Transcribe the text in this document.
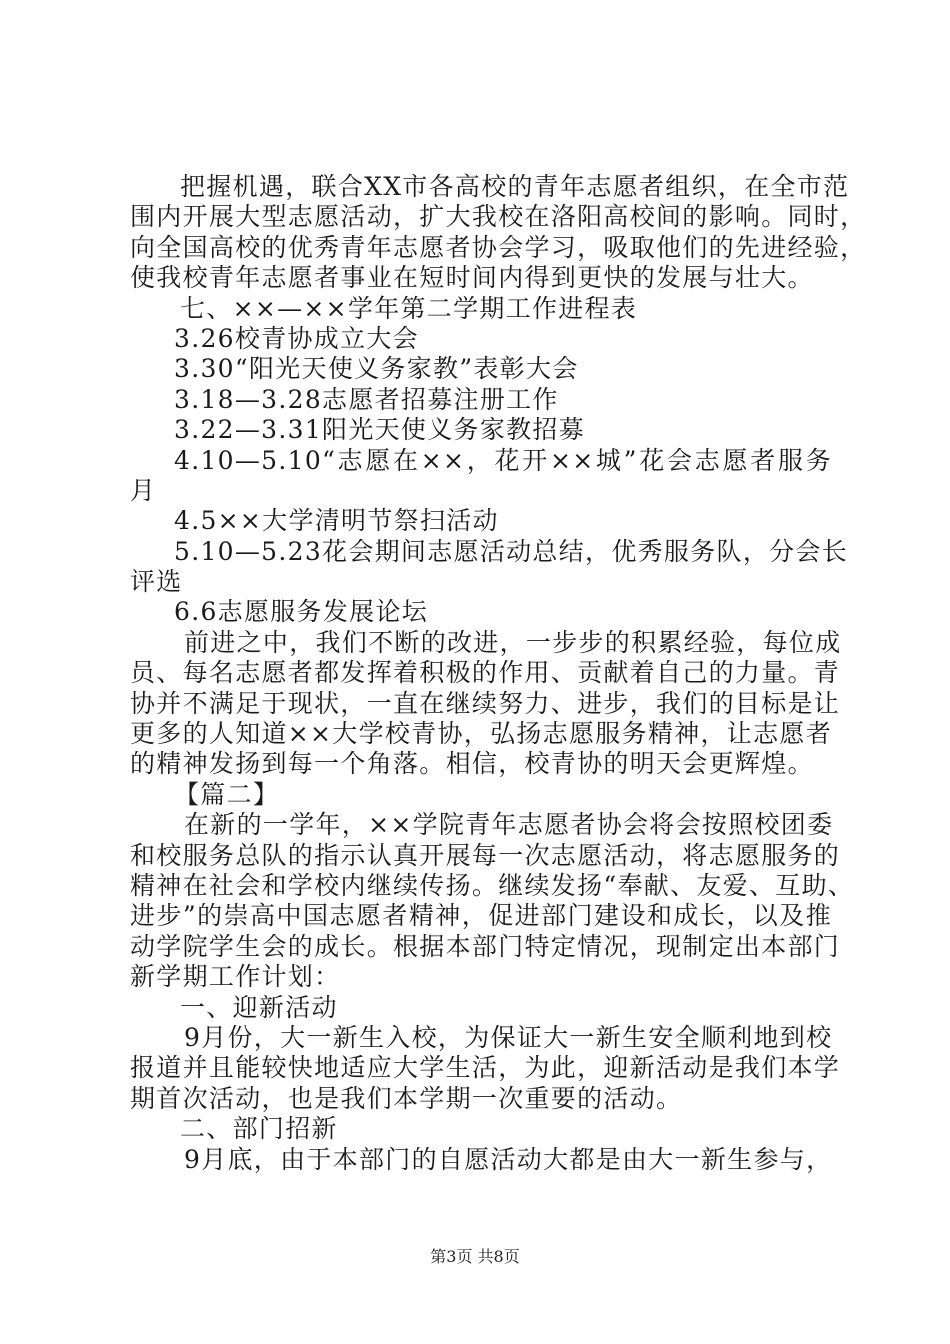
把握机遇，联合XX市各高校的青年志愿者组织，在全市范
围内开展大型志愿活动，扩大我校在洛阳高校间的影响。同时，
向全国高校的优秀青年志愿者协会学习，吸取他们的先进经验，
使我校青年志愿者事业在短时间内得到更快的发展与壮大。
七、××—××学年第二学期工作进程表
3.26校青协成立大会
3.30“阳光天使义务家教”表彰大会
3.18—3.28志愿者招募注册工作
3.22—3.31阳光天使义务家教招募
4.10—5.10“志愿在××，花开××城”花会志愿者服务
月
4.5××大学清明节祭扫活动
5.10—5.23花会期间志愿活动总结，优秀服务队，分会长
评选
6.6志愿服务发展论坛
前进之中，我们不断的改进，一步步的积累经验，每位成
员、每名志愿者都发挥着积极的作用、贡献着自己的力量。青
协并不满足于现状，一直在继续努力、进步，我们的目标是让
更多的人知道××大学校青协，弘扬志愿服务精神，让志愿者
的精神发扬到每一个角落。相信，校青协的明天会更辉煌。
【篇二】
在新的一学年，××学院青年志愿者协会将会按照校团委
和校服务总队的指示认真开展每一次志愿活动，将志愿服务的
精神在社会和学校内继续传扬。继续发扬“奉献、友爱、互助、
进步”的崇高中国志愿者精神，促进部门建设和成长，以及推
动学院学生会的成长。根据本部门特定情况，现制定出本部门
新学期工作计划：
一、迎新活动
9月份，大一新生入校，为保证大一新生安全顺利地到校
报道并且能较快地适应大学生活，为此，迎新活动是我们本学
期首次活动，也是我们本学期一次重要的活动。
二、部门招新
9月底，由于本部门的自愿活动大都是由大一新生参与，
第3页 共8页
